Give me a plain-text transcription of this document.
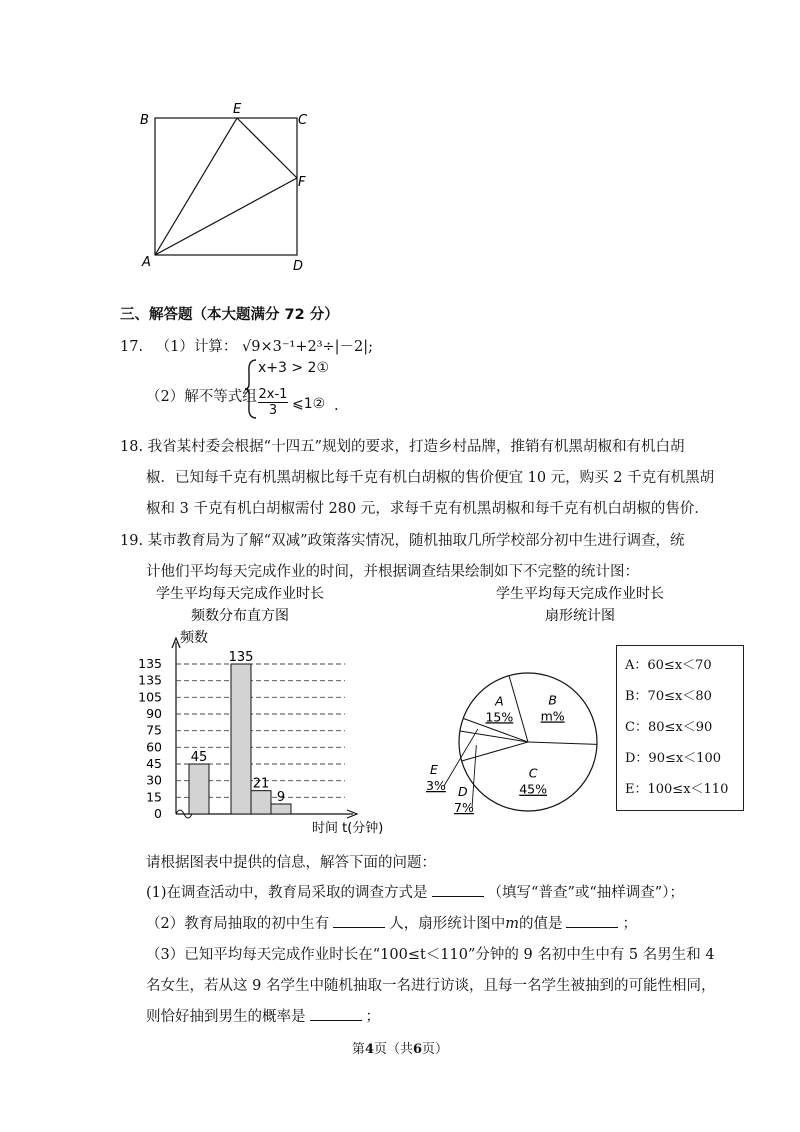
B
E
C
F
A	D
三、解答题（本大题满分 72 分）
17. （1）计算： √9×3⁻¹+2³÷|－2|;
（2）解不等式组
x+3 > 2①
$\frac{2x-1}{3}$ ⩽1② .
18. 我省某村委会根据“十四五”规划的要求，打造乡村品牌，推销有机黑胡椒和有机白胡
椒．已知每千克有机黑胡椒比每千克有机白胡椒的售价便宜 10 元，购买 2 千克有机黑胡
椒和 3 千克有机白胡椒需付 280 元，求每千克有机黑胡椒和每千克有机白胡椒的售价．
19. 某市教育局为了解“双减”政策落实情况，随机抽取几所学校部分初中生进行调查，统
计他们平均每天完成作业的时间，并根据调查结果绘制如下不完整的统计图：
学生平均每天完成作业时长
频数分布直方图
频数
时间 t(分钟)
0
15
30
45
60
75
90
105
135
135
45
135
21
9
学生平均每天完成作业时长
扇形统计图
A
15%
B
m%
C
45%
E
3% D
7%
A：60≤x＜70
B：70≤x＜80
C：80≤x＜90
D：90≤x＜100
E：100≤x＜110
请根据图表中提供的信息，解答下面的问题：
(1)在调查活动中，教育局采取的调查方式是	（填写“普查”或“抽样调查”）；
（2）教育局抽取的初中生有	人，扇形统计图中m的值是	；
（3）已知平均每天完成作业时长在“100≤t＜110”分钟的 9 名初中生中有 5 名男生和 4
名女生，若从这 9 名学生中随机抽取一名进行访谈，且每一名学生被抽到的可能性相同，
则恰好抽到男生的概率是	；
第4页（共6页）
